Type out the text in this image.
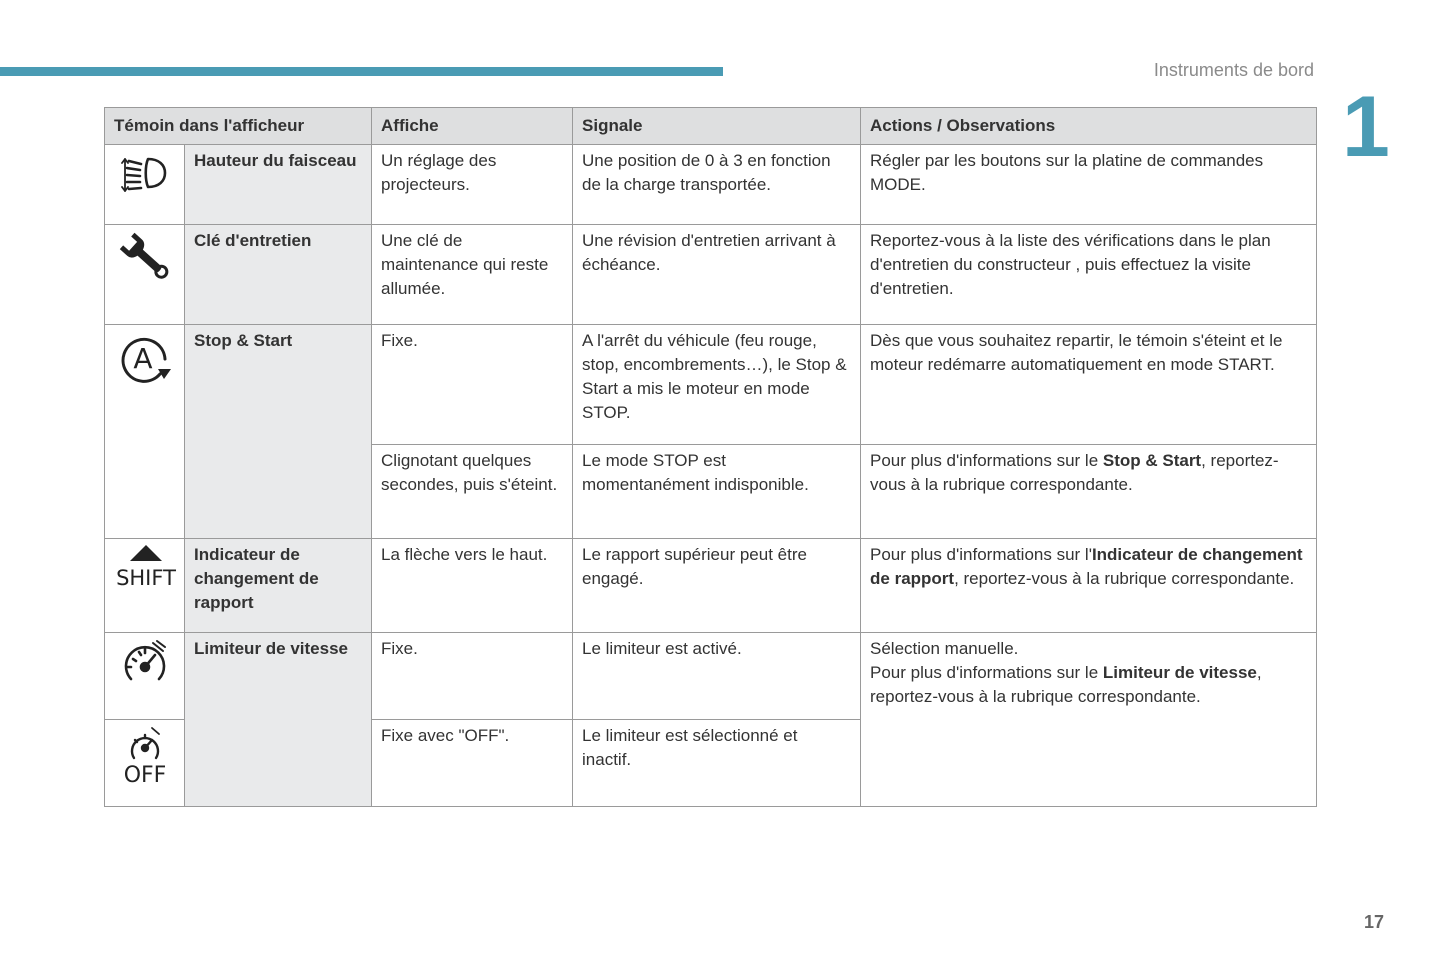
Instruments de bord
1
Témoin dans l'afficheur		Affiche	Signale	Actions / Observations

	Hauteur du faisceau	Un réglage des projecteurs.	Une position de 0 à 3 en fonction de la charge transportée.	Régler par les boutons sur la platine de commandes MODE.

	Clé d'entretien	Une clé de maintenance qui reste allumée.	Une révision d'entretien arrivant à échéance.	Reportez-vous à la liste des vérifications dans le plan d'entretien du constructeur , puis effectuez la visite d'entretien.

A	Stop & Start	Fixe.	A l'arrêt du véhicule (feu rouge, stop, encombrements…), le Stop & Start a mis le moteur en mode STOP.	Dès que vous souhaitez repartir, le témoin s'éteint et le moteur redémarre automatiquement en mode START.
		Clignotant quelques secondes, puis s'éteint.	Le mode STOP est momentanément indisponible.	Pour plus d'informations sur le Stop & Start, reportez-vous à la rubrique correspondante.

SHIFT	Indicateur de changement de rapport	La flèche vers le haut.	Le rapport supérieur peut être engagé.	Pour plus d'informations sur l'Indicateur de changement de rapport, reportez-vous à la rubrique correspondante.

	Limiteur de vitesse	Fixe.	Le limiteur est activé.	Sélection manuelle.
Pour plus d'informations sur le Limiteur de vitesse, reportez-vous à la rubrique correspondante.

OFF		Fixe avec "OFF".	Le limiteur est sélectionné et inactif.	
17
